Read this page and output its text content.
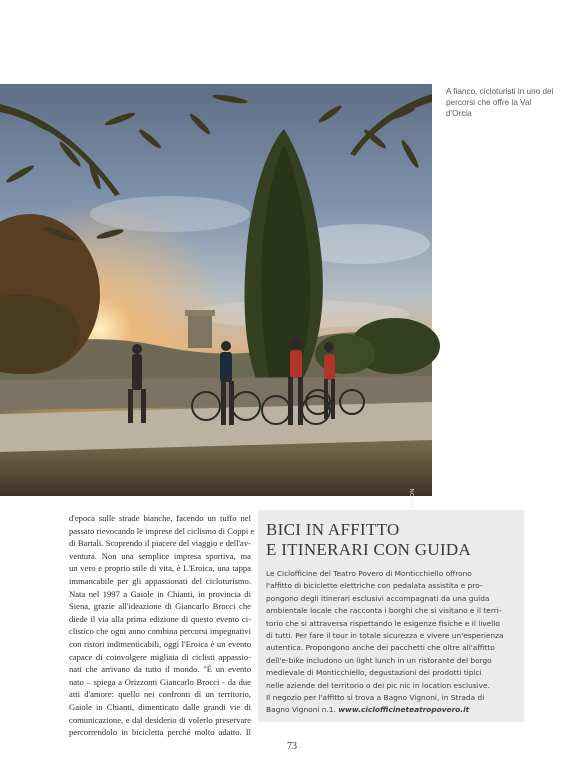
A fianco, cicloturisti in uno dei percorsi che offre la Val d'Orcia
d'epoca sulle strade bianche, facendo un tuffo nel
passato rievocando le imprese del ciclismo di Coppi e
di Bartali. Scoprendo il piacere del viaggio e dell'av-
ventura. Non una semplice impresa sportiva, ma
un vero e proprio stile di vita, è L'Eroica, una tappa
immancabile per gli appassionati del cicloturismo.
Nata nel 1997 a Gaiole in Chianti, in provincia di
Siena, grazie all'ideazione di Giancarlo Brocci che
diede il via alla prima edizione di questo evento ci-
clistico che ogni anno combina percorsi impegnativi
con ristori indimenticabili, oggi l'Eroica è un evento
capace di coinvolgere migliaia di ciclisti appassio-
nati che arrivano da tutto il mondo. "È un evento
nato – spiega a Orizzonti Giancarlo Brocci - da due
atti d'amore: quello nei confronti di un territorio,
Gaiole in Chianti, dimenticato dalle grandi vie di
comunicazione, e dal desiderio di volerlo preservare
percorrendolo in bicicletta perché molto adatto. Il
BICI IN AFFITTO
E ITINERARI CON GUIDA
Le Ciclofficine del Teatro Povero di Monticchiello offrono
l'affitto di biciclette elettriche con pedalata assistita e pro-
pongono degli itinerari esclusivi accompagnati da una guida
ambientale locale che racconta i borghi che si visitano e il terri-
torio che si attraversa rispettando le esigenze fisiche e il livello
di tutti. Per fare il tour in totale sicurezza e vivere un'esperienza
autentica. Propongono anche dei pacchetti che oltre all'affitto
dell'e-bike includono un light lunch in un ristorante del borgo
medievale di Monticchiello, degustazioni dei prodotti tipici
nelle aziende del territorio o dei pic nic in location esclusive.
Il negozio per l'affitto si trova a Bagno Vignoni, in Strada di
Bagno Vignoni n.1. www.ciclofficineteatropovero.it
73
